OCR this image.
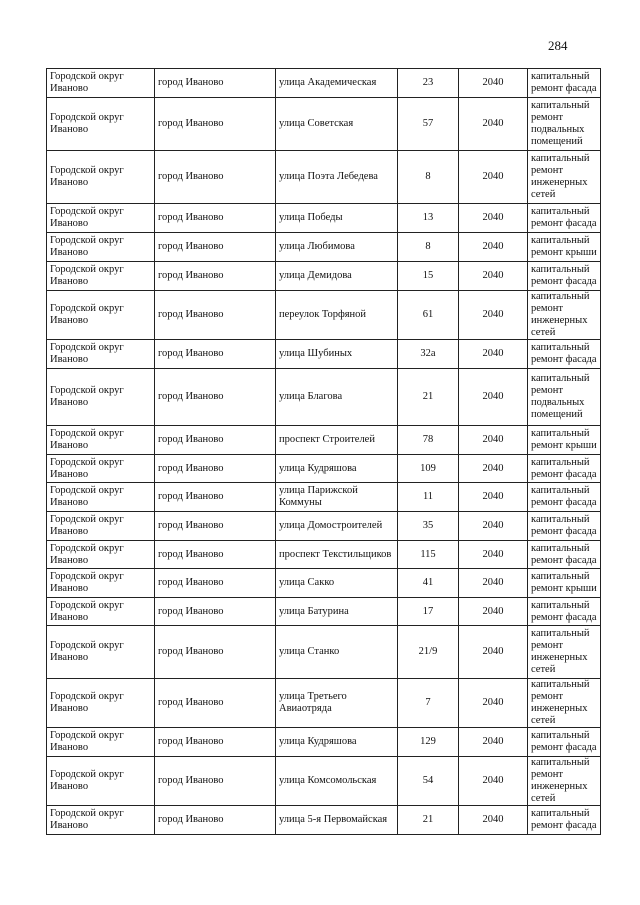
284
Городской округ Иваново	город Иваново	улица Академическая	23	2040	капитальный ремонт фасада
Городской округ Иваново	город Иваново	улица Советская	57	2040	капитальный ремонт подвальных помещений
Городской округ Иваново	город Иваново	улица Поэта Лебедева	8	2040	капитальный ремонт инженерных сетей
Городской округ Иваново	город Иваново	улица Победы	13	2040	капитальный ремонт фасада
Городской округ Иваново	город Иваново	улица Любимова	8	2040	капитальный ремонт крыши
Городской округ Иваново	город Иваново	улица Демидова	15	2040	капитальный ремонт фасада
Городской округ Иваново	город Иваново	переулок Торфяной	61	2040	капитальный ремонт инженерных сетей
Городской округ Иваново	город Иваново	улица Шубиных	32а	2040	капитальный ремонт фасада
Городской округ Иваново	город Иваново	улица Благова	21	2040	капитальный ремонт подвальных помещений
Городской округ Иваново	город Иваново	проспект Строителей	78	2040	капитальный ремонт крыши
Городской округ Иваново	город Иваново	улица Кудряшова	109	2040	капитальный ремонт фасада
Городской округ Иваново	город Иваново	улица Парижской Коммуны	11	2040	капитальный ремонт фасада
Городской округ Иваново	город Иваново	улица Домостроителей	35	2040	капитальный ремонт фасада
Городской округ Иваново	город Иваново	проспект Текстильщиков	115	2040	капитальный ремонт фасада
Городской округ Иваново	город Иваново	улица Сакко	41	2040	капитальный ремонт крыши
Городской округ Иваново	город Иваново	улица Батурина	17	2040	капитальный ремонт фасада
Городской округ Иваново	город Иваново	улица Станко	21/9	2040	капитальный ремонт инженерных сетей
Городской округ Иваново	город Иваново	улица Третьего Авиаотряда	7	2040	капитальный ремонт инженерных сетей
Городской округ Иваново	город Иваново	улица Кудряшова	129	2040	капитальный ремонт фасада
Городской округ Иваново	город Иваново	улица Комсомольская	54	2040	капитальный ремонт инженерных сетей
Городской округ Иваново	город Иваново	улица 5-я Первомайская	21	2040	капитальный ремонт фасада
